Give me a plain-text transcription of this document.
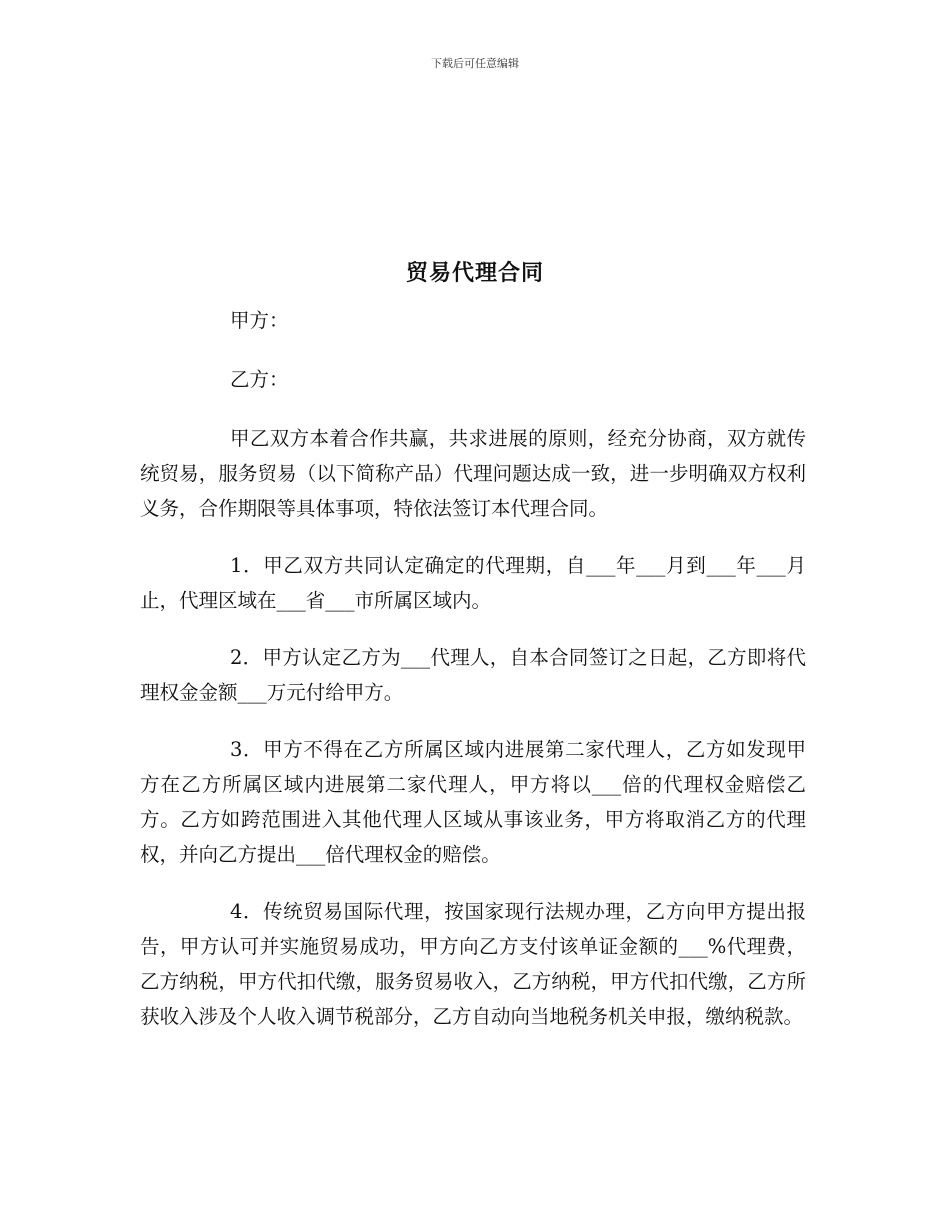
下载后可任意编辑
贸易代理合同

甲方：

乙方：

甲乙双方本着合作共赢，共求进展的原则，经充分协商，双方就传统贸易，服务贸易（以下简称产品）代理问题达成一致，进一步明确双方权利义务，合作期限等具体事项，特依法签订本代理合同。

1．甲乙双方共同认定确定的代理期，自___年___月到___年___月止，代理区域在___省___市所属区域内。

2．甲方认定乙方为___代理人，自本合同签订之日起，乙方即将代理权金金额___万元付给甲方。

3．甲方不得在乙方所属区域内进展第二家代理人，乙方如发现甲方在乙方所属区域内进展第二家代理人，甲方将以___倍的代理权金赔偿乙方。乙方如跨范围进入其他代理人区域从事该业务，甲方将取消乙方的代理权，并向乙方提出___倍代理权金的赔偿。

4．传统贸易国际代理，按国家现行法规办理，乙方向甲方提出报告，甲方认可并实施贸易成功，甲方向乙方支付该单证金额的___%代理费，乙方纳税，甲方代扣代缴，服务贸易收入，乙方纳税，甲方代扣代缴，乙方所获收入涉及个人收入调节税部分，乙方自动向当地税务机关申报，缴纳税款。
